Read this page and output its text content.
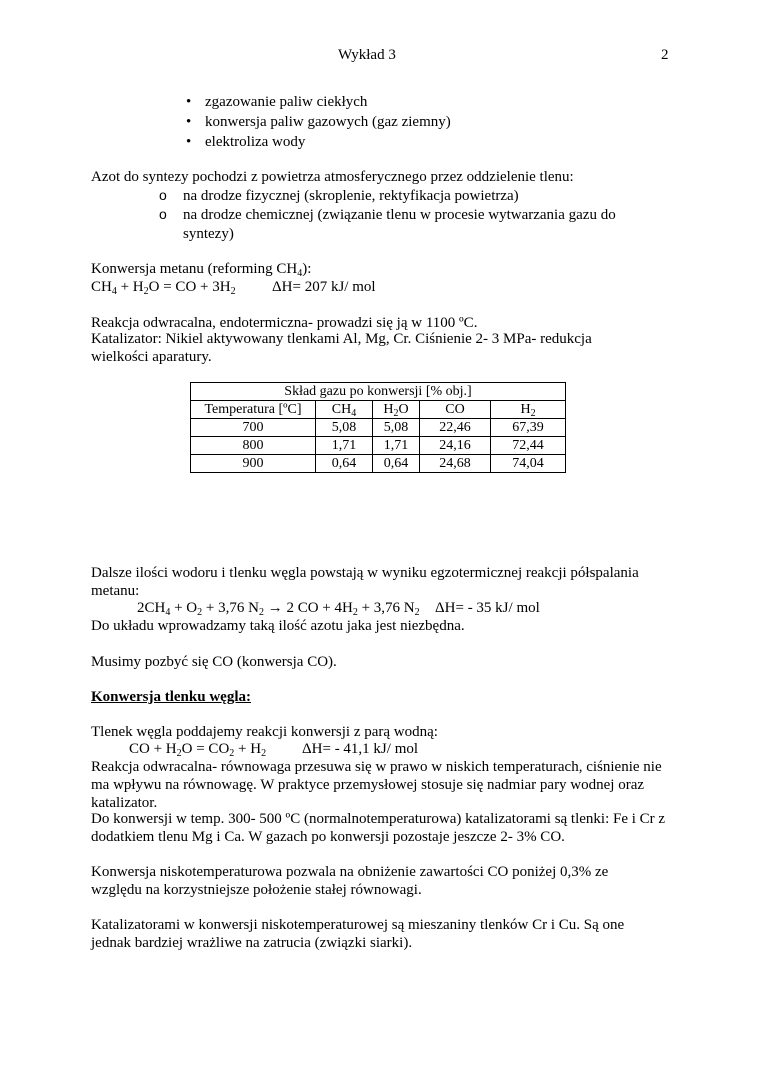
Wykład 3	2
• zgazowanie paliw ciekłych
• konwersja paliw gazowych (gaz ziemny)
• elektroliza wody
Azot do syntezy pochodzi z powietrza atmosferycznego przez oddzielenie tlenu:
o na drodze fizycznej (skroplenie, rektyfikacja powietrza)
o na drodze chemicznej (związanie tlenu w procesie wytwarzania gazu do syntezy)
Konwersja metanu (reforming $CH_4$):
$CH_4 + H_2O$ = CO + $3H_2$ ΔH= 207 kJ/ mol
Reakcja odwracalna, endotermiczna- prowadzi się ją w 1100 ºC.
Katalizator: Nikiel aktywowany tlenkami Al, Mg, Cr. Ciśnienie 2- 3 MPa- redukcja wielkości aparatury.
Skład gazu po konwersji [% obj.]				
Temperatura [ºC]	$CH_4$	$H_2O$	CO	$H_2$
700	5,08	5,08	22,46	67,39
800	1,71	1,71	24,16	72,44
900	0,64	0,64	24,68	74,04
Dalsze ilości wodoru i tlenku węgla powstają w wyniku egzotermicznej reakcji półspalania metanu:
$2CH_4 + O_2 + 3,76$ $N_2 \to 2$ CO + $4H_2 + 3,76$ $N_2$ ΔH= - 35 kJ/ mol
Do układu wprowadzamy taką ilość azotu jaka jest niezbędna.
Musimy pozbyć się CO (konwersja CO).
Konwersja tlenku węgla:
Tlenek węgla poddajemy reakcji konwersji z parą wodną:
CO + $H_2O = CO_2 + H_2$ ΔH= - 41,1 kJ/ mol
Reakcja odwracalna- równowaga przesuwa się w prawo w niskich temperaturach, ciśnienie nie ma wpływu na równowagę. W praktyce przemysłowej stosuje się nadmiar pary wodnej oraz katalizator.
Do konwersji w temp. 300- 500 ºC (normalnotemperaturowa) katalizatorami są tlenki: Fe i Cr z dodatkiem tlenu Mg i Ca. W gazach po konwersji pozostaje jeszcze 2- 3% CO.
Konwersja niskotemperaturowa pozwala na obniżenie zawartości CO poniżej 0,3% ze względu na korzystniejsze położenie stałej równowagi.
Katalizatorami w konwersji niskotemperaturowej są mieszaniny tlenków Cr i Cu. Są one jednak bardziej wrażliwe na zatrucia (związki siarki).
